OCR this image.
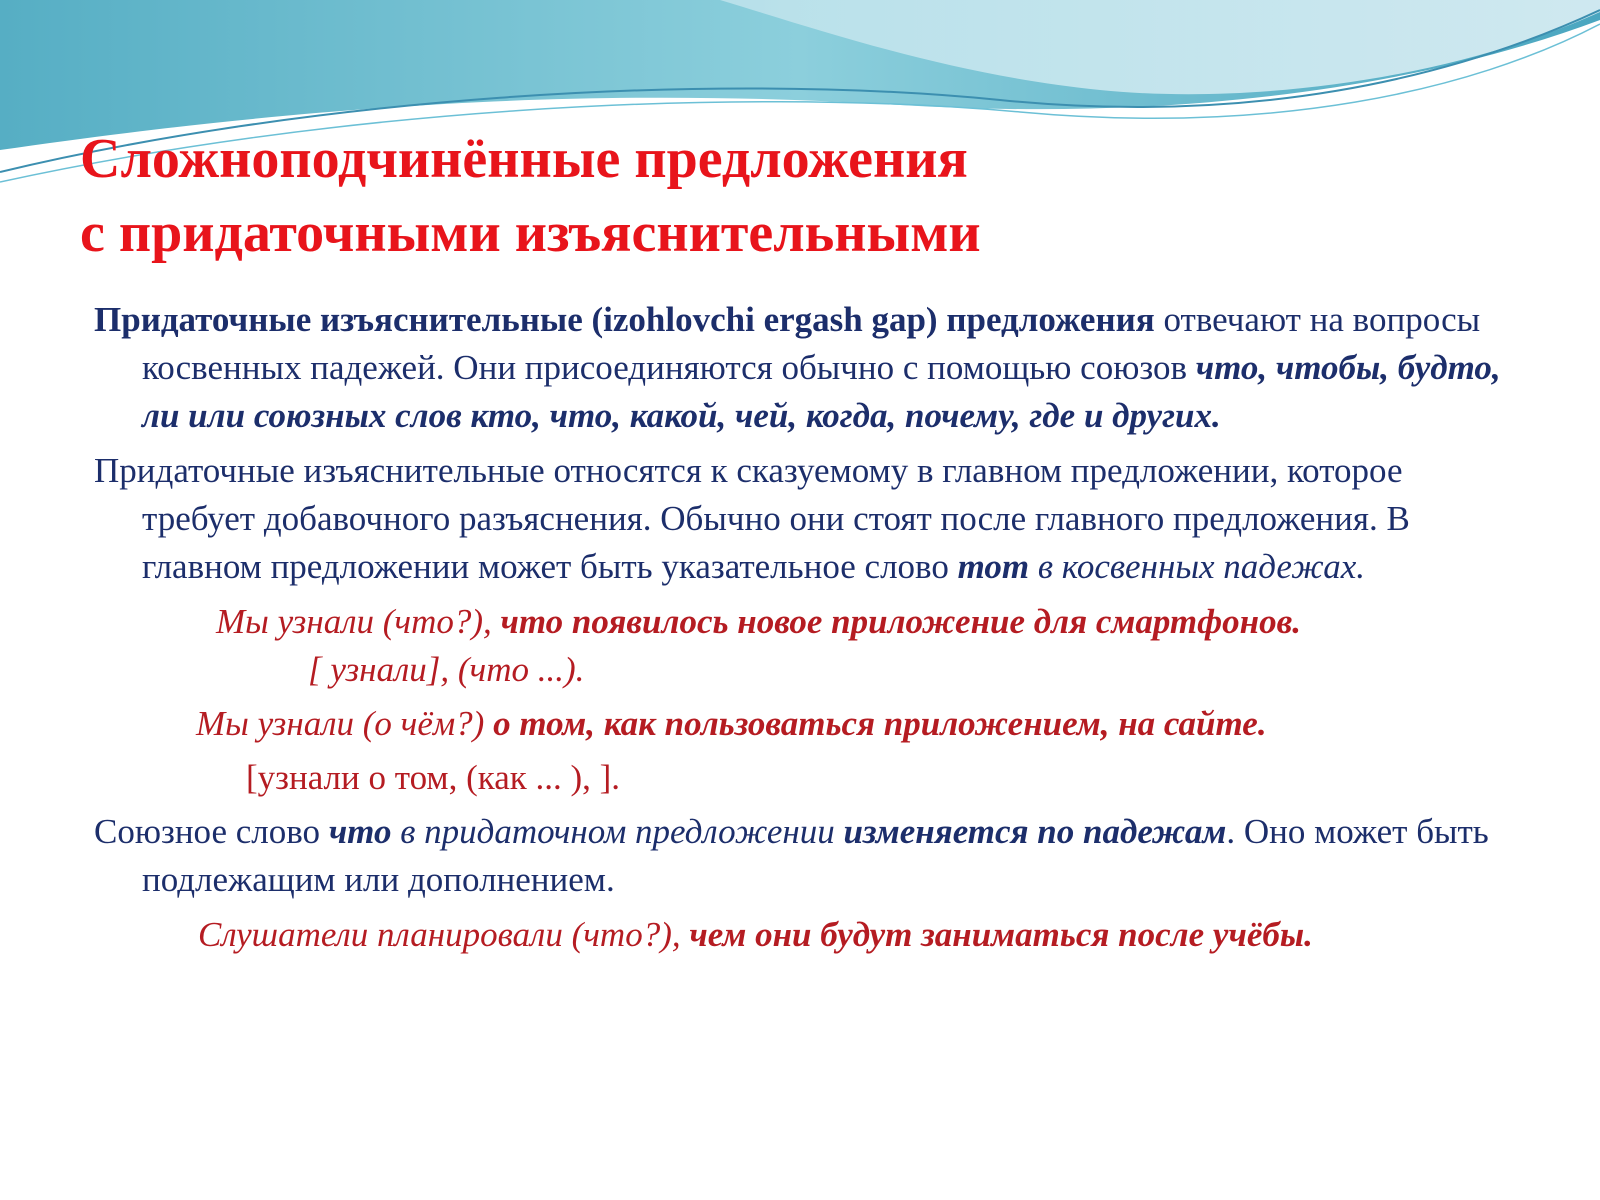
Сложноподчинённые предложения
с придаточными изъяснительными

Придаточные изъяснительные (izohlovchi ergash gap) предложения отвечают на вопросы косвенных падежей. Они присоединяются обычно с помощью союзов что, чтобы, будто, ли или союзных слов кто, что, какой, чей, когда, почему, где и других.

Придаточные изъяснительные относятся к сказуемому в главном предложении, которое требует добавочного разъяснения. Обычно они стоят после главного предложения. В главном предложении может быть указательное слово тот в косвенных падежах.

Мы узнали (что?), что появилось новое приложение для смартфонов.

[ узнали], (что ...).

Мы узнали (о чём?) о том, как пользоваться приложением, на сайте.

[узнали о том, (как ... ), ].

Союзное слово что в придаточном предложении изменяется по падежам. Оно может быть подлежащим или дополнением.

Слушатели планировали (что?), чем они будут заниматься после учёбы.
